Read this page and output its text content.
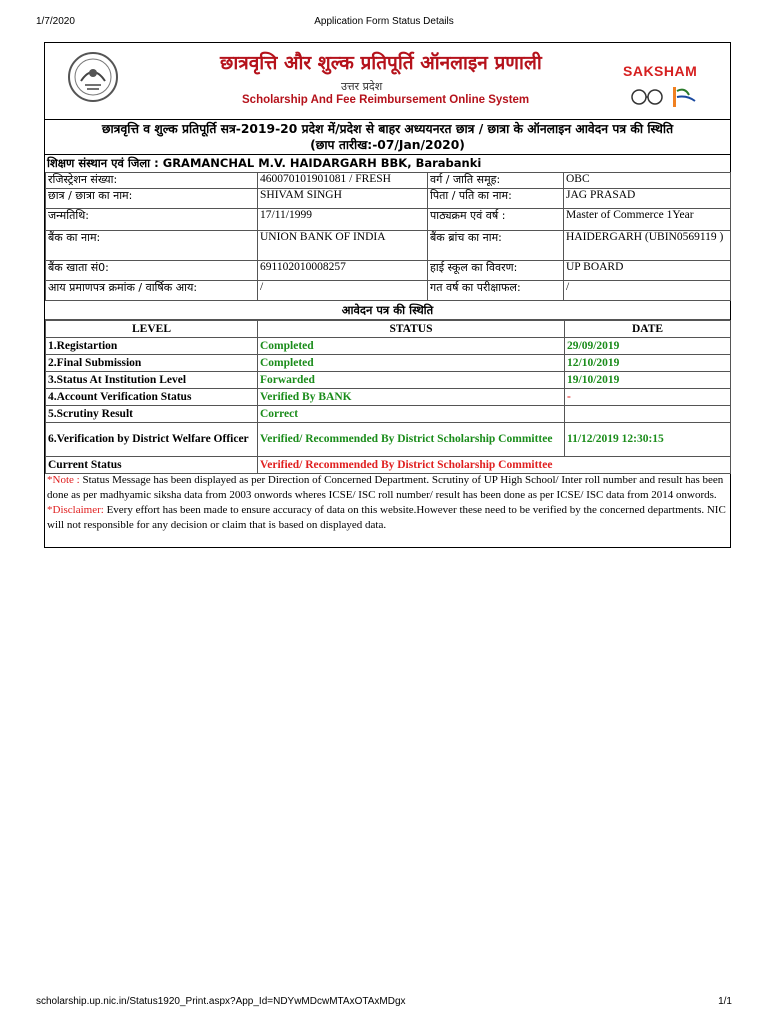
1/7/2020	Application Form Status Details
छात्रवृत्ति और शुल्क प्रतिपूर्ति ऑनलाइन प्रणाली
उत्तर प्रदेश
Scholarship And Fee Reimbursement Online System
SAKSHAM
छात्रवृत्ति व शुल्क प्रतिपूर्ति सत्र-2019-20 प्रदेश में/प्रदेश से बाहर अध्ययनरत छात्र / छात्रा के ऑनलाइन आवेदन पत्र की स्थिति
(छाप तारीख:-07/Jan/2020)
शिक्षण संस्थान एवं जिला : GRAMANCHAL M.V. HAIDARGARH BBK, Barabanki
रजिस्ट्रेशन संख्या:	460070101901081 / FRESH	वर्ग / जाति समूह:	OBC
छात्र / छात्रा का नाम:	SHIVAM SINGH	पिता / पति का नाम:	JAG PRASAD
जन्मतिथि:	17/11/1999	पाठ्यक्रम एवं वर्ष :	Master of Commerce 1Year
बैंक का नाम:	UNION BANK OF INDIA	बैंक ब्रांच का नाम:	HAIDERGARH (UBIN0569119 )
बैंक खाता सं0:	691102010008257	हाई स्कूल का विवरण:	UP BOARD
आय प्रमाणपत्र क्रमांक / वार्षिक आय:	/	गत वर्ष का परीक्षाफल:	/
आवेदन पत्र की स्थिति
LEVEL	STATUS	DATE
1.Registartion	Completed	29/09/2019
2.Final Submission	Completed	12/10/2019
3.Status At Institution Level	Forwarded	19/10/2019
4.Account Verification Status	Verified By BANK	-
5.Scrutiny Result	Correct	
6.Verification by District Welfare Officer	Verified/ Recommended By District Scholarship Committee	11/12/2019 12:30:15
Current Status	Verified/ Recommended By District Scholarship Committee	
*Note : Status Message has been displayed as per Direction of Concerned Department. Scrutiny of UP High School/ Inter roll number and result has been done as per madhyamic siksha data from 2003 onwords wheres ICSE/ ISC roll number/ result has been done as per ICSE/ ISC data from 2014 onwords.
*Disclaimer: Every effort has been made to ensure accuracy of data on this website.However these need to be verified by the concerned departments. NIC will not responsible for any decision or claim that is based on displayed data.
scholarship.up.nic.in/Status1920_Print.aspx?App_Id=NDYwMDcwMTAxOTAxMDgx	1/1
